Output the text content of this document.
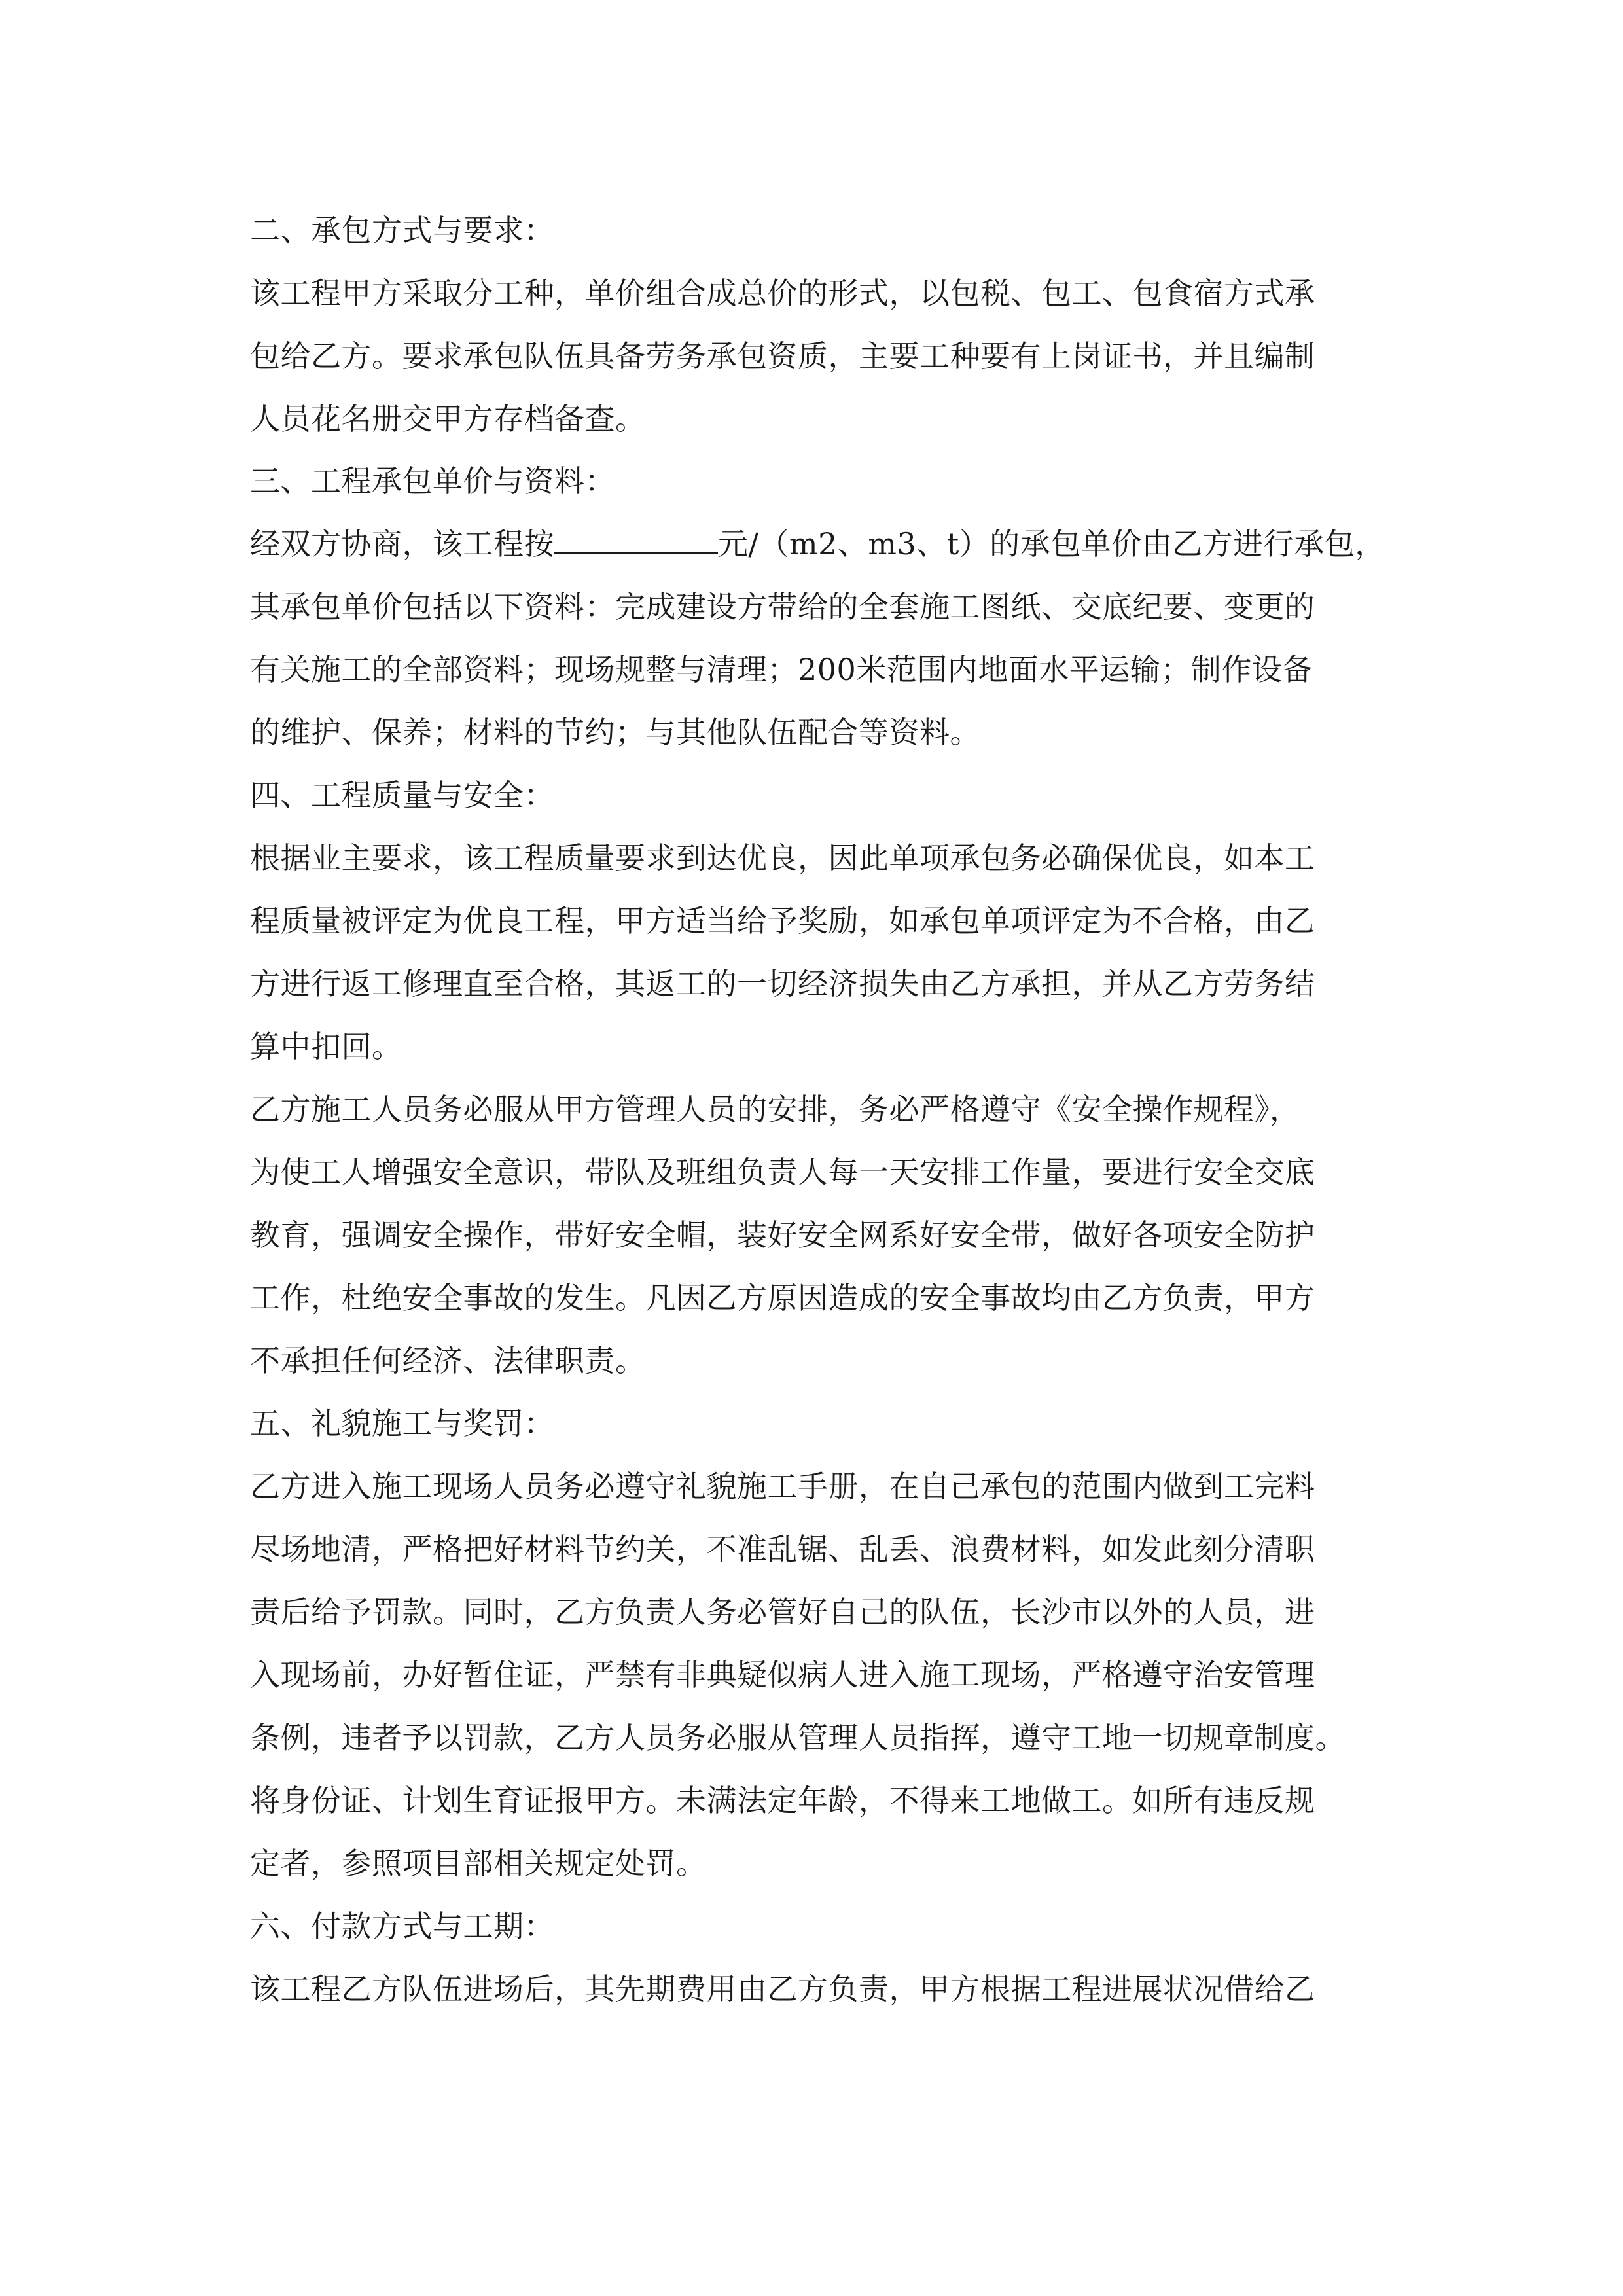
二、承包方式与要求：
该工程甲方采取分工种，单价组合成总价的形式，以包税、包工、包食宿方式承
包给乙方。要求承包队伍具备劳务承包资质，主要工种要有上岗证书，并且编制
人员花名册交甲方存档备查。
三、工程承包单价与资料：
经双方协商，该工程按	元/（m2、m3、t）的承包单价由乙方进行承包，
其承包单价包括以下资料：完成建设方带给的全套施工图纸、交底纪要、变更的
有关施工的全部资料；现场规整与清理；200米范围内地面水平运输；制作设备
的维护、保养；材料的节约；与其他队伍配合等资料。
四、工程质量与安全：
根据业主要求，该工程质量要求到达优良，因此单项承包务必确保优良，如本工
程质量被评定为优良工程，甲方适当给予奖励，如承包单项评定为不合格，由乙
方进行返工修理直至合格，其返工的一切经济损失由乙方承担，并从乙方劳务结
算中扣回。
乙方施工人员务必服从甲方管理人员的安排，务必严格遵守《安全操作规程》，
为使工人增强安全意识，带队及班组负责人每一天安排工作量，要进行安全交底
教育，强调安全操作，带好安全帽，装好安全网系好安全带，做好各项安全防护
工作，杜绝安全事故的发生。凡因乙方原因造成的安全事故均由乙方负责，甲方
不承担任何经济、法律职责。
五、礼貌施工与奖罚：
乙方进入施工现场人员务必遵守礼貌施工手册，在自己承包的范围内做到工完料
尽场地清，严格把好材料节约关，不准乱锯、乱丢、浪费材料，如发此刻分清职
责后给予罚款。同时，乙方负责人务必管好自己的队伍，长沙市以外的人员，进
入现场前，办好暂住证，严禁有非典疑似病人进入施工现场，严格遵守治安管理
条例，违者予以罚款，乙方人员务必服从管理人员指挥，遵守工地一切规章制度。
将身份证、计划生育证报甲方。未满法定年龄，不得来工地做工。如所有违反规
定者，参照项目部相关规定处罚。
六、付款方式与工期：
该工程乙方队伍进场后，其先期费用由乙方负责，甲方根据工程进展状况借给乙
